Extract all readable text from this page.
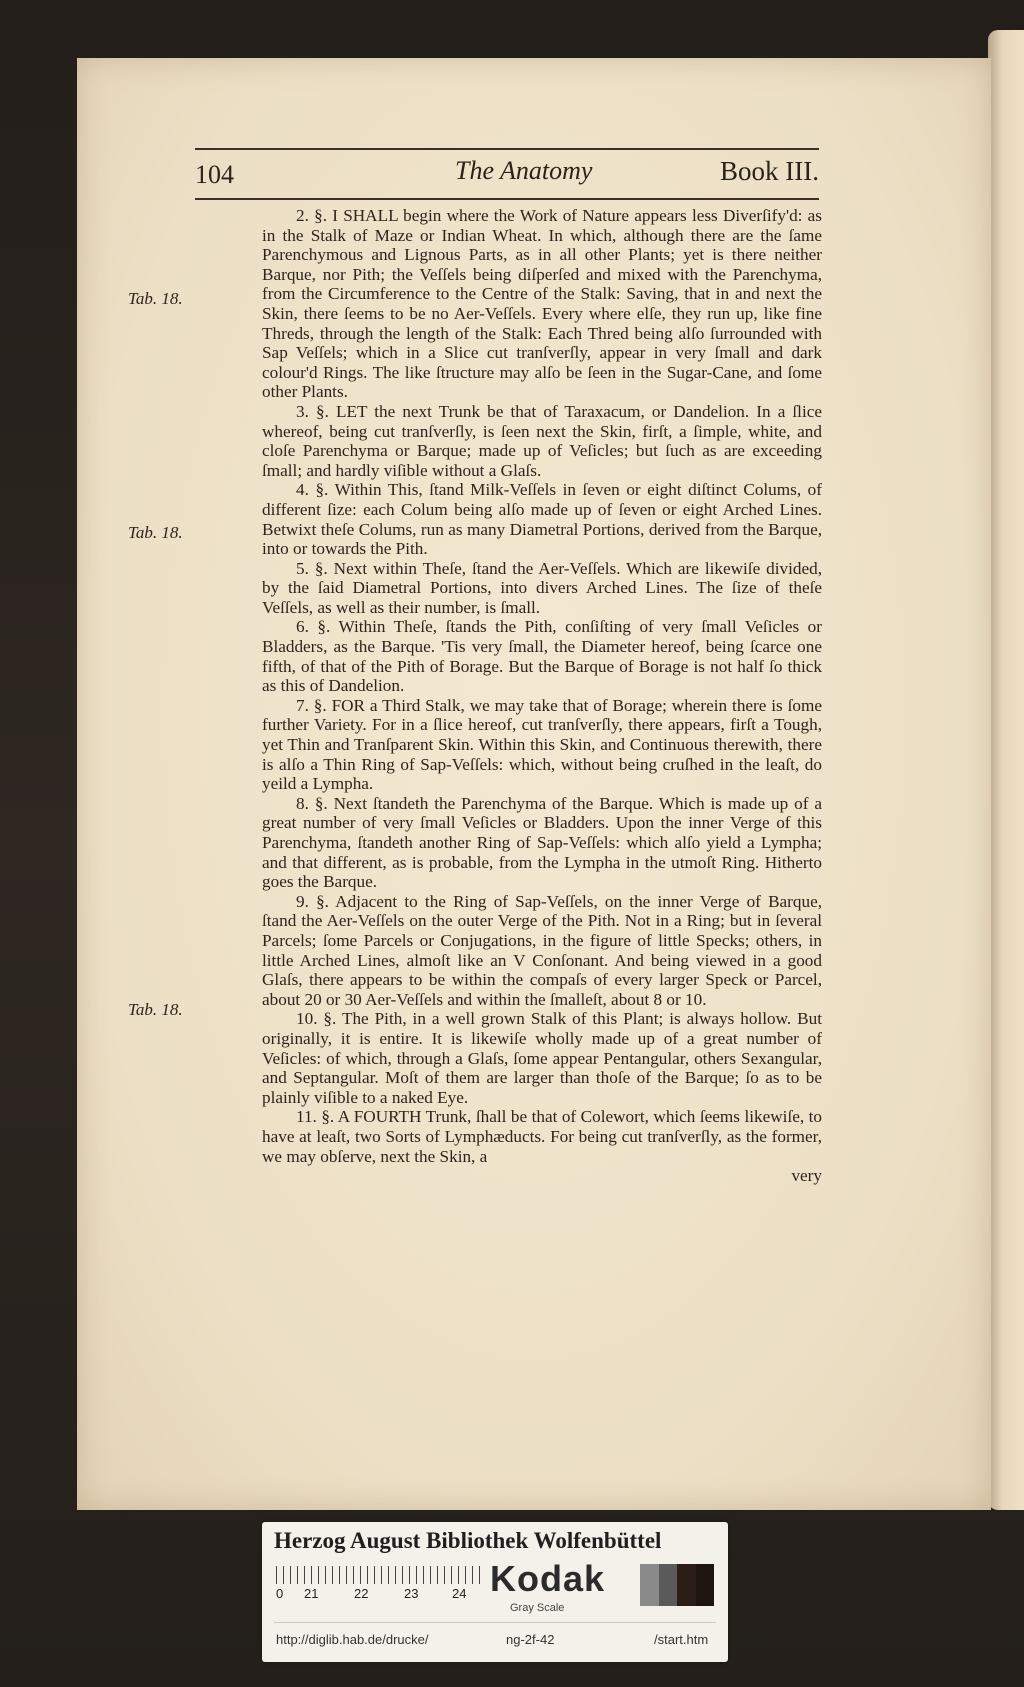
104	The Anatomy	Book III.
Tab. 18.
Tab. 18.
Tab. 18.

2. §. I SHALL begin where the Work of Nature appears less Diverſify'd: as in the Stalk of Maze or Indian Wheat. In which, although there are the ſame Parenchymous and Lignous Parts, as in all other Plants; yet is there neither Barque, nor Pith; the Veſſels being diſperſed and mixed with the Parenchyma, from the Circumference to the Centre of the Stalk: Saving, that in and next the Skin, there ſeems to be no Aer-Veſſels. Every where elſe, they run up, like fine Threds, through the length of the Stalk: Each Thred being alſo ſurrounded with Sap Veſſels; which in a Slice cut tranſverſly, appear in very ſmall and dark colour'd Rings. The like ſtructure may alſo be ſeen in the Sugar-Cane, and ſome other Plants.

3. §. LET the next Trunk be that of Taraxacum, or Dandelion. In a ſlice whereof, being cut tranſverſly, is ſeen next the Skin, firſt, a ſimple, white, and cloſe Parenchyma or Barque; made up of Veſicles; but ſuch as are exceeding ſmall; and hardly viſible without a Glaſs.

4. §. Within This, ſtand Milk-Veſſels in ſeven or eight diſtinct Colums, of different ſize: each Colum being alſo made up of ſeven or eight Arched Lines. Betwixt theſe Colums, run as many Diametral Portions, derived from the Barque, into or towards the Pith.

5. §. Next within Theſe, ſtand the Aer-Veſſels. Which are likewiſe divided, by the ſaid Diametral Portions, into divers Arched Lines. The ſize of theſe Veſſels, as well as their number, is ſmall.

6. §. Within Theſe, ſtands the Pith, conſiſting of very ſmall Veſicles or Bladders, as the Barque. 'Tis very ſmall, the Diameter hereof, being ſcarce one fifth, of that of the Pith of Borage. But the Barque of Borage is not half ſo thick as this of Dandelion.

7. §. FOR a Third Stalk, we may take that of Borage; wherein there is ſome further Variety. For in a ſlice hereof, cut tranſverſly, there appears, firſt a Tough, yet Thin and Tranſparent Skin. Within this Skin, and Continuous therewith, there is alſo a Thin Ring of Sap-Veſſels: which, without being cruſhed in the leaſt, do yeild a Lympha.

8. §. Next ſtandeth the Parenchyma of the Barque. Which is made up of a great number of very ſmall Veſicles or Bladders. Upon the inner Verge of this Parenchyma, ſtandeth another Ring of Sap-Veſſels: which alſo yield a Lympha; and that different, as is probable, from the Lympha in the utmoſt Ring. Hitherto goes the Barque.

9. §. Adjacent to the Ring of Sap-Veſſels, on the inner Verge of Barque, ſtand the Aer-Veſſels on the outer Verge of the Pith. Not in a Ring; but in ſeveral Parcels; ſome Parcels or Conjugations, in the figure of little Specks; others, in little Arched Lines, almoſt like an V Conſonant. And being viewed in a good Glaſs, there appears to be within the compaſs of every larger Speck or Parcel, about 20 or 30 Aer-Veſſels and within the ſmalleſt, about 8 or 10.

10. §. The Pith, in a well grown Stalk of this Plant; is always hollow. But originally, it is entire. It is likewiſe wholly made up of a great number of Veſicles: of which, through a Glaſs, ſome appear Pentangular, others Sexangular, and Septangular. Moſt of them are larger than thoſe of the Barque; ſo as to be plainly viſible to a naked Eye.

11. §. A FOURTH Trunk, ſhall be that of Colewort, which ſeems likewiſe, to have at leaſt, two Sorts of Lymphæducts. For being cut tranſverſly, as the former, we may obſerve, next the Skin, a

very
Herzog August Bibliothek Wolfenbüttel
0 21	22	23	24 Kodak
Gray Scale
http://diglib.hab.de/drucke/	ng-2f-42	/start.htm
